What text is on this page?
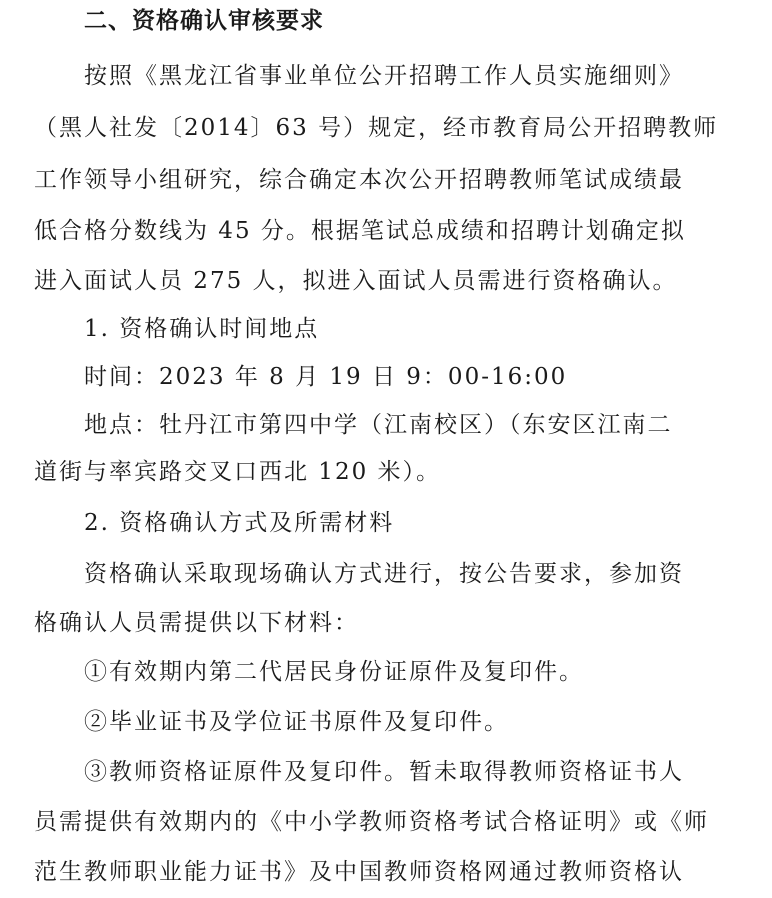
二、资格确认审核要求
按照《黑龙江省事业单位公开招聘工作人员实施细则》
（黑人社发〔2014〕63 号）规定，经市教育局公开招聘教师
工作领导小组研究，综合确定本次公开招聘教师笔试成绩最
低合格分数线为 45 分。根据笔试总成绩和招聘计划确定拟
进入面试人员 275 人，拟进入面试人员需进行资格确认。
1. 资格确认时间地点
时间：2023 年 8 月 19 日 9：00-16:00
地点：牡丹江市第四中学（江南校区）（东安区江南二
道街与率宾路交叉口西北 120 米）。
2. 资格确认方式及所需材料
资格确认采取现场确认方式进行，按公告要求，参加资
格确认人员需提供以下材料：
①有效期内第二代居民身份证原件及复印件。
②毕业证书及学位证书原件及复印件。
③教师资格证原件及复印件。暂未取得教师资格证书人
员需提供有效期内的《中小学教师资格考试合格证明》或《师
范生教师职业能力证书》及中国教师资格网通过教师资格认
